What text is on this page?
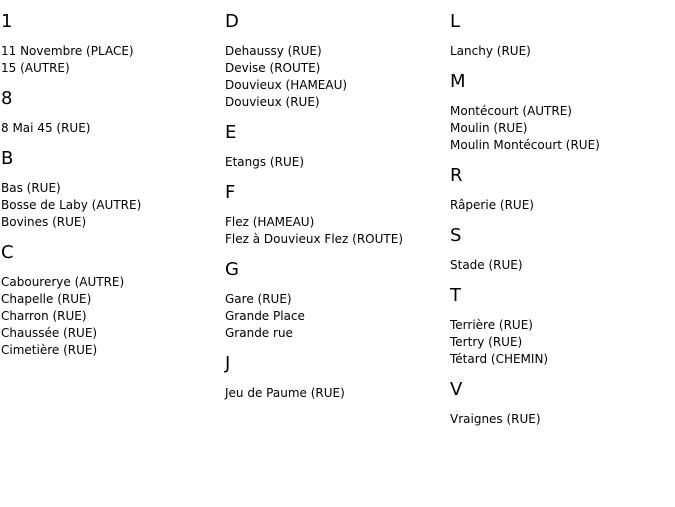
1
11 Novembre (PLACE)
15 (AUTRE)
8
8 Mai 45 (RUE)
B
Bas (RUE)
Bosse de Laby (AUTRE)
Bovines (RUE)
C
Caboureryе (AUTRE)
Chapelle (RUE)
Charron (RUE)
Chaussée (RUE)
Cimetière (RUE)
D
Dehaussy (RUE)
Devise (ROUTE)
Douvieux (HAMEAU)
Douvieux (RUE)
E
Etangs (RUE)
F
Flez (HAMEAU)
Flez à Douvieux Flez (ROUTE)
G
Gare (RUE)
Grande Place
Grande rue
J
Jeu de Paume (RUE)
L
Lanchy (RUE)
M
Montécourt (AUTRE)
Moulin (RUE)
Moulin Montécourt (RUE)
R
Râperie (RUE)
S
Stade (RUE)
T
Terrière (RUE)
Tertry (RUE)
Tétard (CHEMIN)
V
Vraignes (RUE)
